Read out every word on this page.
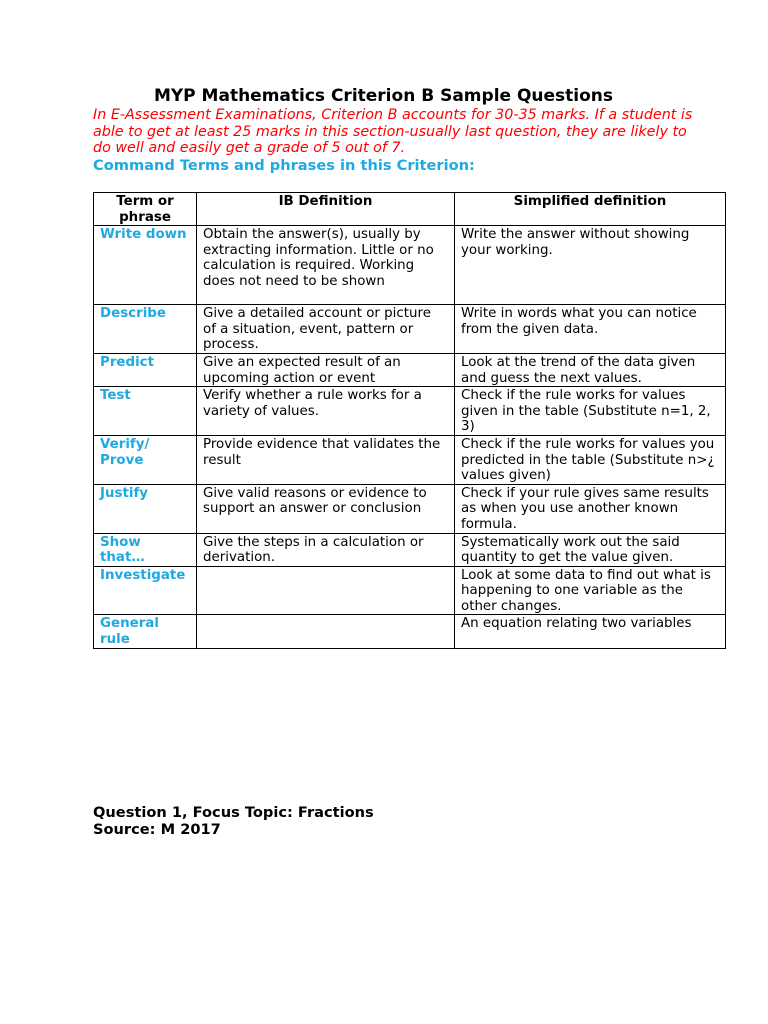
MYP Mathematics Criterion B Sample Questions
In E-Assessment Examinations, Criterion B accounts for 30-35 marks. If a student is able to get at least 25 marks in this section-usually last question, they are likely to do well and easily get a grade of 5 out of 7.
Command Terms and phrases in this Criterion:
Term or phrase	IB Definition	Simplified definition
Write down	Obtain the answer(s), usually by extracting information. Little or no calculation is required. Working does not need to be shown	Write the answer without showing your working.
Describe	Give a detailed account or picture of a situation, event, pattern or process.	Write in words what you can notice from the given data.
Predict	Give an expected result of an upcoming action or event	Look at the trend of the data given and guess the next values.
Test	Verify whether a rule works for a variety of values.	Check if the rule works for values given in the table (Substitute n=1, 2, 3)
Verify/ Prove	Provide evidence that validates the result	Check if the rule works for values you predicted in the table (Substitute n>¿ values given)
Justify	Give valid reasons or evidence to support an answer or conclusion	Check if your rule gives same results as when you use another known formula.
Show that…	Give the steps in a calculation or derivation.	Systematically work out the said quantity to get the value given.
Investigate		Look at some data to find out what is happening to one variable as the other changes.
General rule		An equation relating two variables
Question 1, Focus Topic: Fractions
Source: M 2017
